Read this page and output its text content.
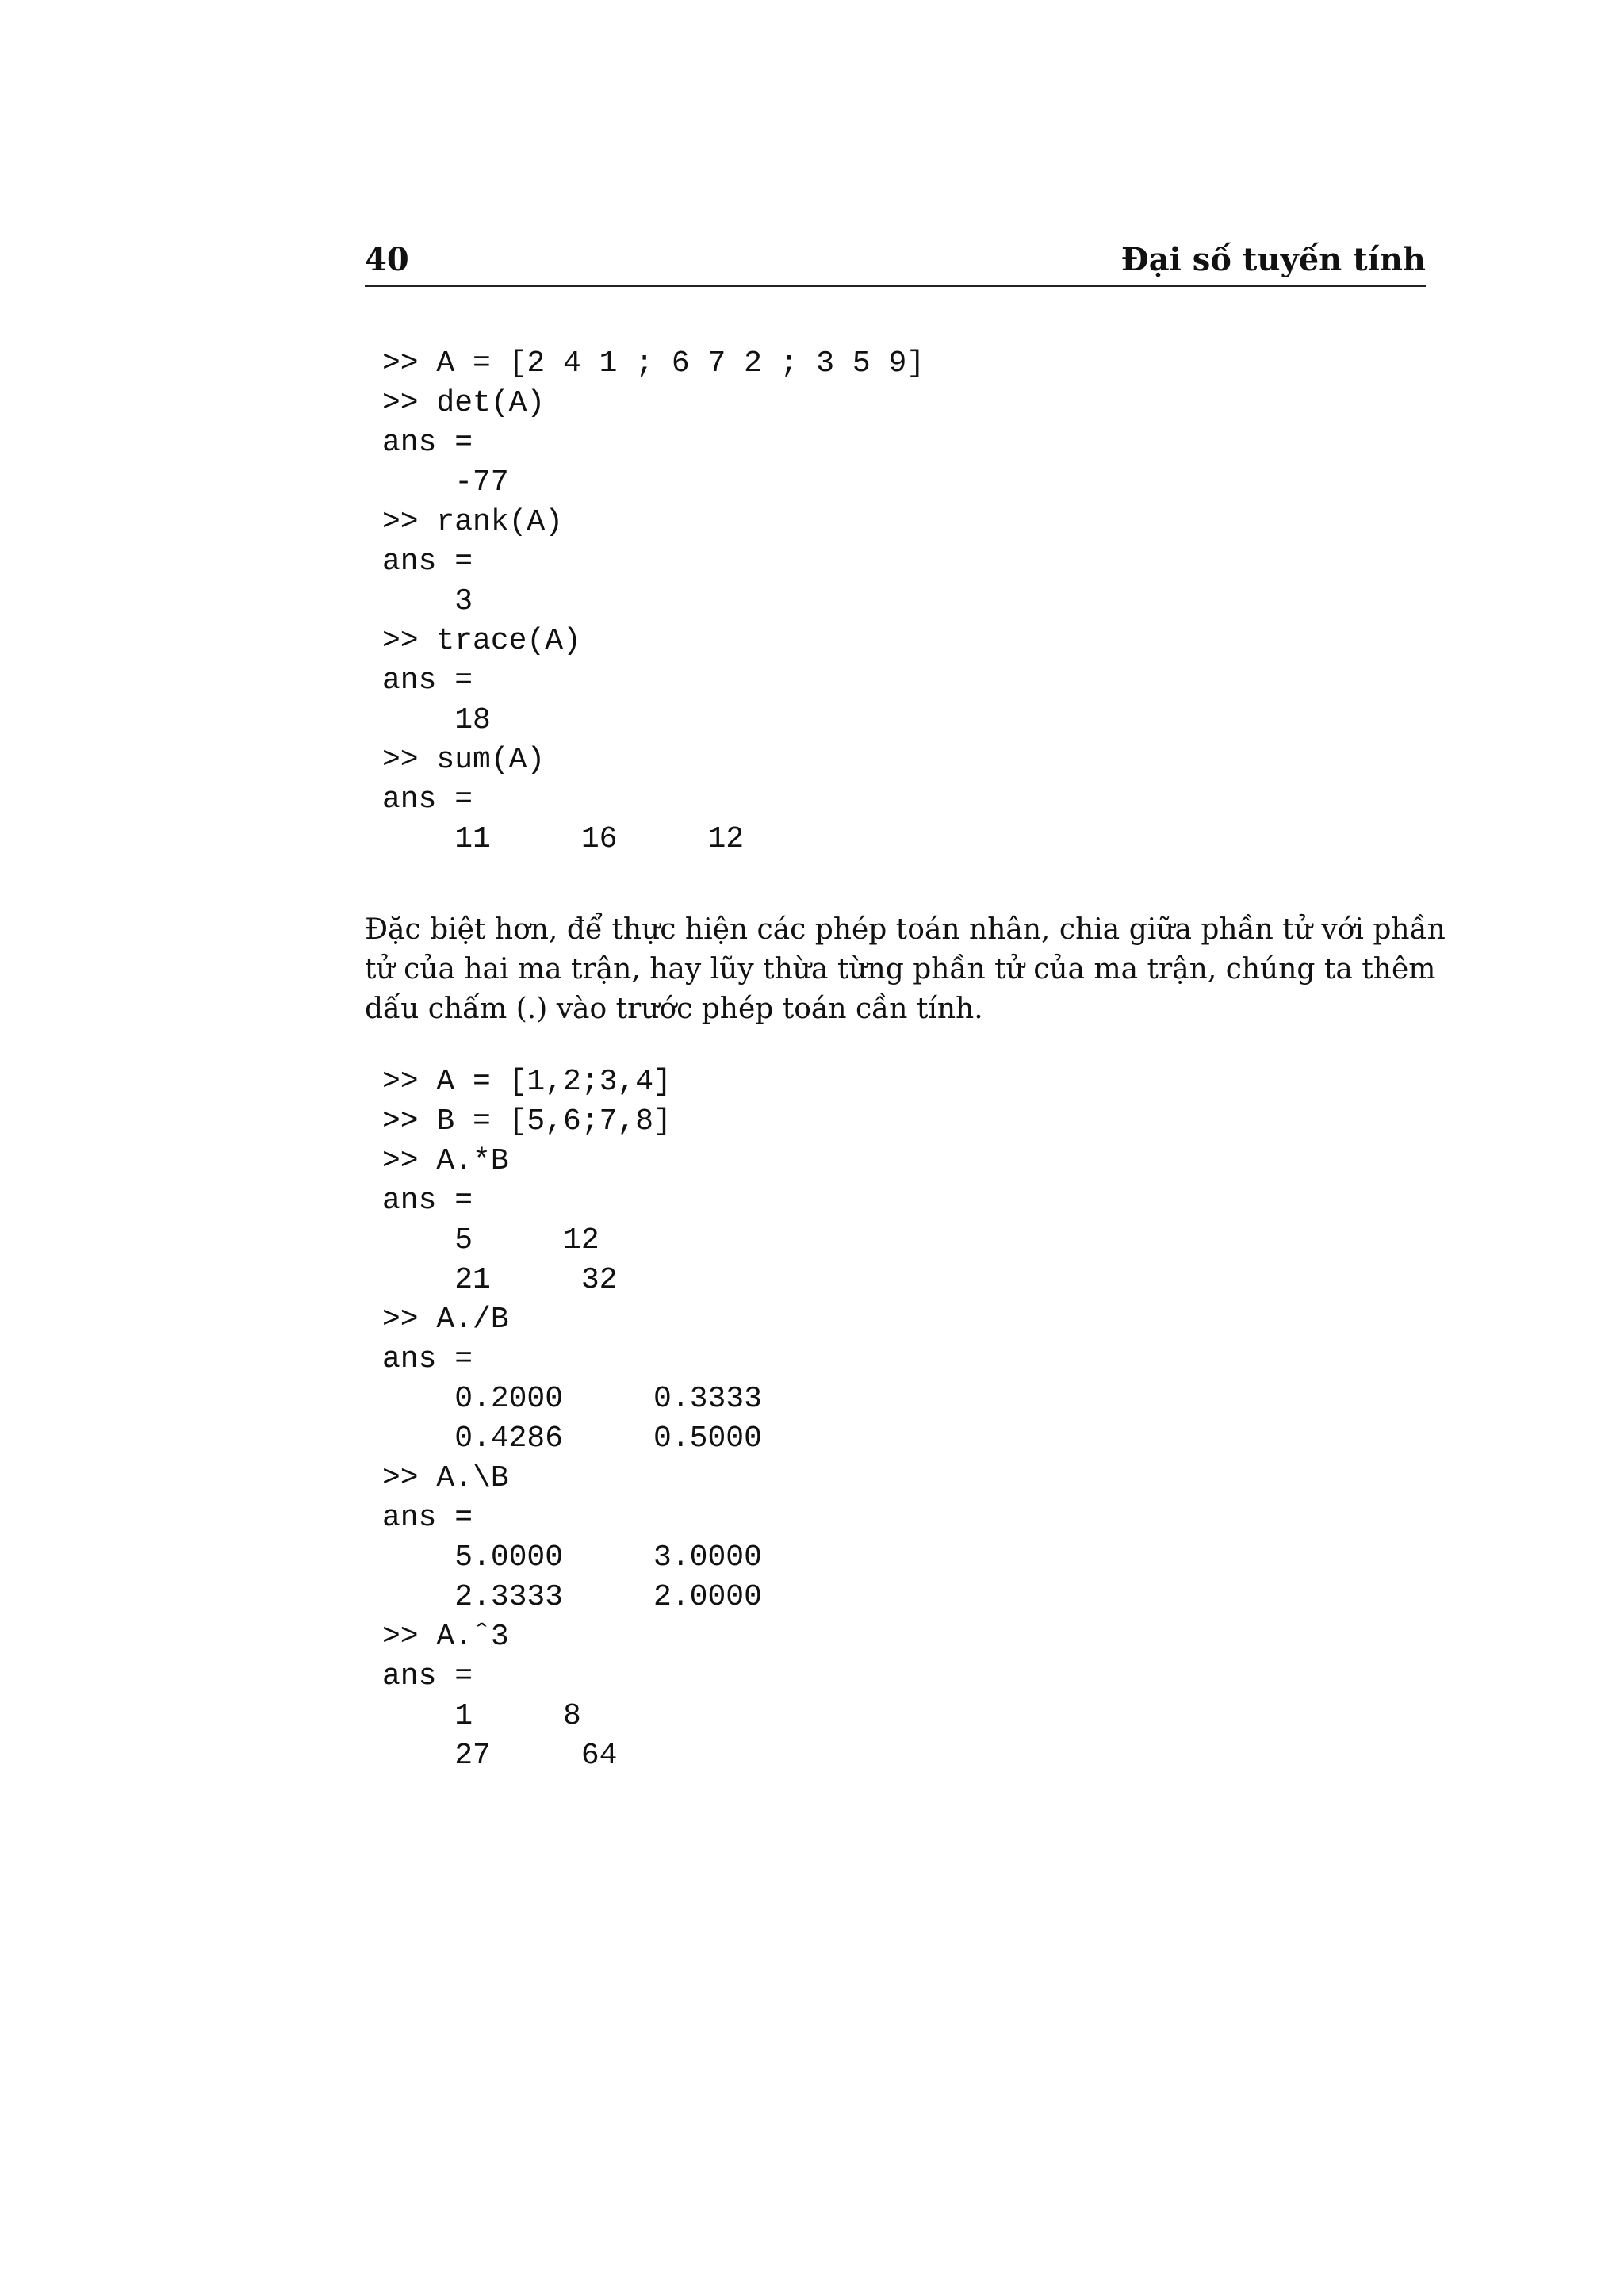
40	Đại số tuyến tính
>> A = [2 4 1 ; 6 7 2 ; 3 5 9]
>> det(A)
ans =
-77
>> rank(A)
ans =
3
>> trace(A)
ans =
18
>> sum(A)
ans =
11     16     12
Đặc biệt hơn, để thực hiện các phép toán nhân, chia giữa phần tử với phần
tử của hai ma trận, hay lũy thừa từng phần tử của ma trận, chúng ta thêm
dấu chấm (.) vào trước phép toán cần tính.
>> A = [1,2;3,4]
>> B = [5,6;7,8]
>> A.*B
ans =
5     12
21     32
>> A./B
ans =
0.2000     0.3333
0.4286     0.5000
>> A.\B
ans =
5.0000     3.0000
2.3333     2.0000
>> A.ˆ3
ans =
1     8
27     64
